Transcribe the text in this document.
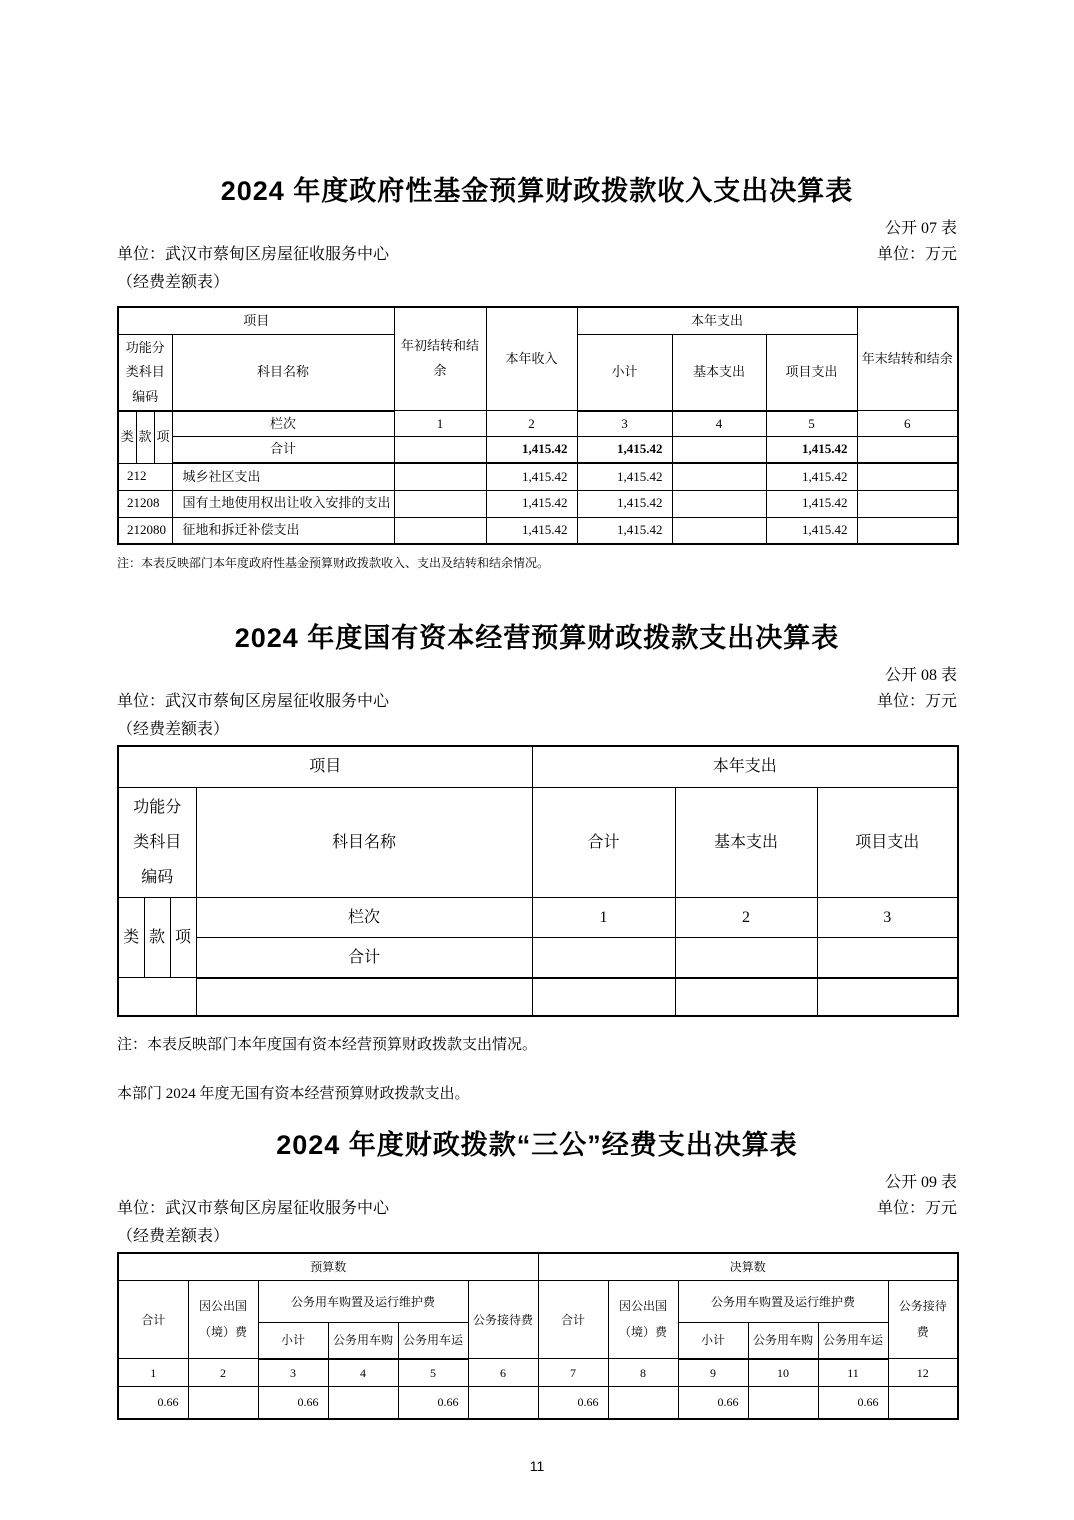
2024 年度政府性基金预算财政拨款收入支出决算表
公开 07 表
单位：武汉市蔡甸区房屋征收服务中心	单位：万元
（经费差额表）
项目				年初结转和结余	本年收入	本年支出			年末结转和结余
功能分类科目编码			科目名称			小计	基本支出	项目支出	
类	款	项	栏次	1	2	3	4	5	6
			合计		1,415.42	1,415.42		1,415.42	
212			城乡社区支出		1,415.42	1,415.42		1,415.42	
21208			国有土地使用权出让收入安排的支出		1,415.42	1,415.42		1,415.42	
212080			征地和拆迁补偿支出		1,415.42	1,415.42		1,415.42	
注：本表反映部门本年度政府性基金预算财政拨款收入、支出及结转和结余情况。
2024 年度国有资本经营预算财政拨款支出决算表
公开 08 表
单位：武汉市蔡甸区房屋征收服务中心	单位：万元
（经费差额表）
项目				本年支出		
功能分类科目编码			科目名称	合计	基本支出	项目支出
类	款	项	栏次	1	2	3
			合计			

注：本表反映部门本年度国有资本经营预算财政拨款支出情况。
本部门 2024 年度无国有资本经营预算财政拨款支出。
2024 年度财政拨款“三公”经费支出决算表
公开 09 表
单位：武汉市蔡甸区房屋征收服务中心	单位：万元
（经费差额表）
预算数						决算数					
合计	因公出国（境）费	公务用车购置及运行维护费			公务接待费	合计	因公出国（境）费	公务用车购置及运行维护费			公务接待费
		小计	公务用车购	公务用车运				小计	公务用车购	公务用车运	
1	2	3	4	5	6	7	8	9	10	11	12
0.66		0.66		0.66		0.66		0.66		0.66	
11
